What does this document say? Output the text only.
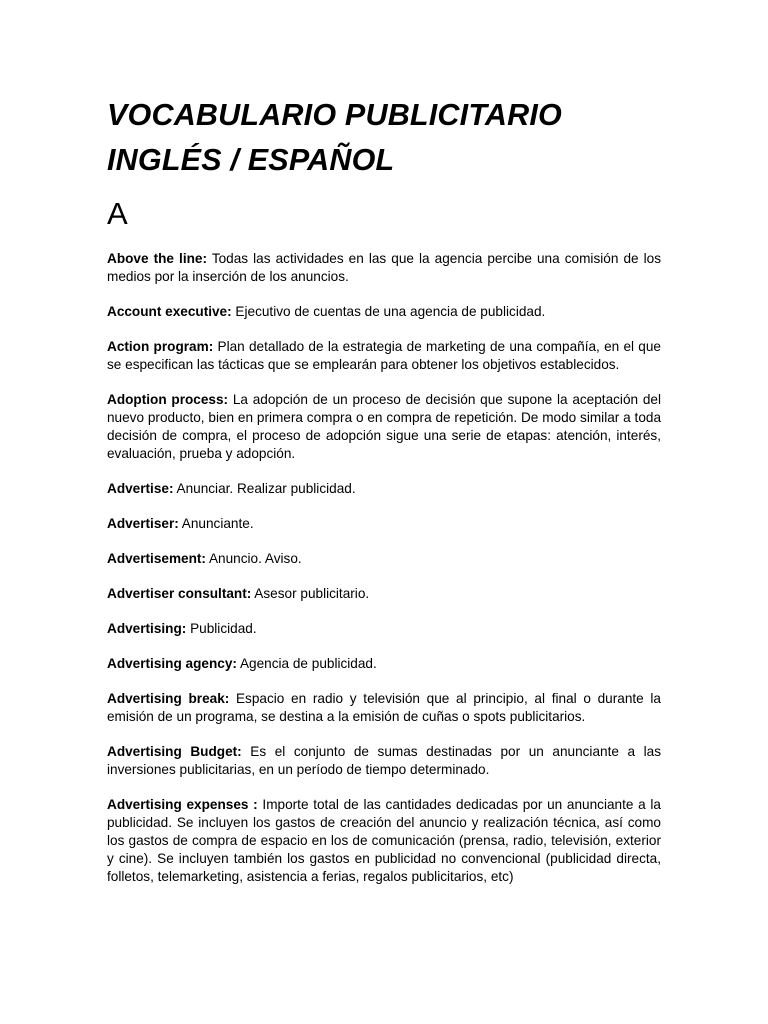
VOCABULARIO PUBLICITARIO
INGLÉS / ESPAÑOL
A

Above the line: Todas las actividades en las que la agencia percibe una comisión de los medios por la inserción de los anuncios.

Account executive: Ejecutivo de cuentas de una agencia de publicidad.

Action program: Plan detallado de la estrategia de marketing de una compañía, en el que se especifican las tácticas que se emplearán para obtener los objetivos establecidos.

Adoption process: La adopción de un proceso de decisión que supone la aceptación del nuevo producto, bien en primera compra o en compra de repetición. De modo similar a toda decisión de compra, el proceso de adopción sigue una serie de etapas: atención, interés, evaluación, prueba y adopción.

Advertise: Anunciar. Realizar publicidad.

Advertiser: Anunciante.

Advertisement: Anuncio. Aviso.

Advertiser consultant: Asesor publicitario.

Advertising: Publicidad.

Advertising agency: Agencia de publicidad.

Advertising break: Espacio en radio y televisión que al principio, al final o durante la emisión de un programa, se destina a la emisión de cuñas o spots publicitarios.

Advertising Budget: Es el conjunto de sumas destinadas por un anunciante a las inversiones publicitarias, en un período de tiempo determinado.

Advertising expenses : Importe total de las cantidades dedicadas por un anunciante a la publicidad. Se incluyen los gastos de creación del anuncio y realización técnica, así como los gastos de compra de espacio en los de comunicación (prensa, radio, televisión, exterior y cine). Se incluyen también los gastos en publicidad no convencional (publicidad directa, folletos, telemarketing, asistencia a ferias, regalos publicitarios, etc)
